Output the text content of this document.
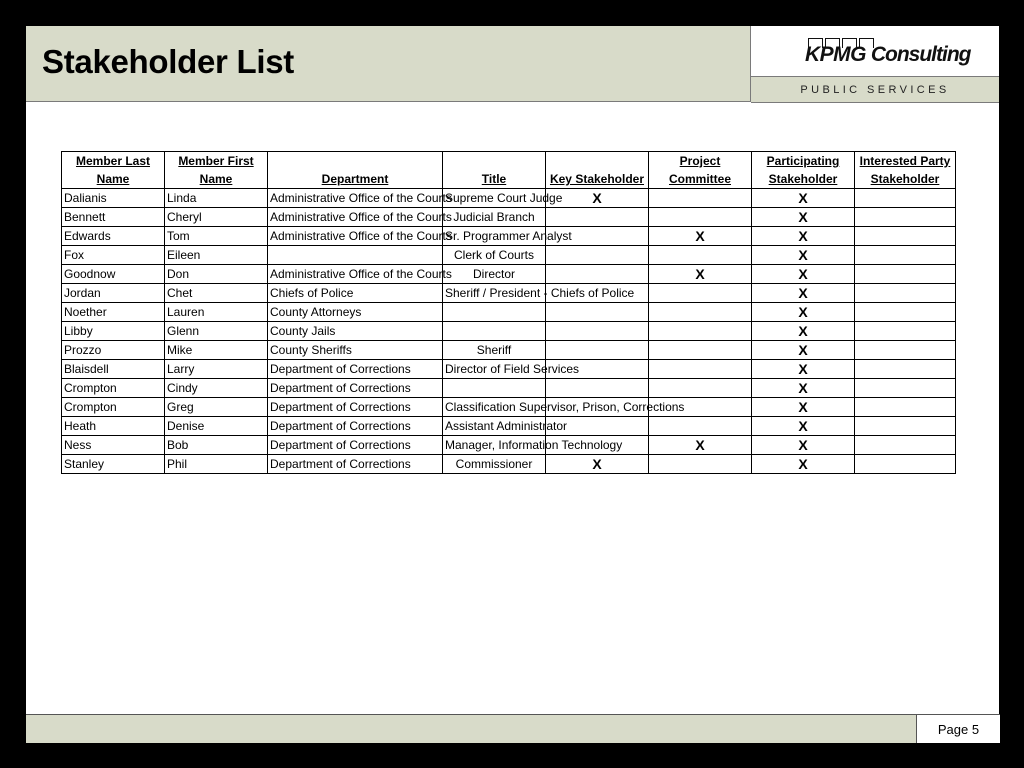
Stakeholder List	KPMG Consulting
PUBLIC SERVICES
Member Last Name	Member First Name	Department	Title	Key Stakeholder	Project Committee	Participating Stakeholder	Interested Party Stakeholder
Dalianis	Linda	Administrative Office of the Courts	Supreme Court Judge	X		X	
Bennett	Cheryl	Administrative Office of the Courts	Judicial Branch			X	
Edwards	Tom	Administrative Office of the Courts	Sr. Programmer Analyst		X	X	
Fox	Eileen		Clerk of Courts			X	
Goodnow	Don	Administrative Office of the Courts	Director		X	X	
Jordan	Chet	Chiefs of Police	Sheriff / President - Chiefs of Police			X	
Noether	Lauren	County Attorneys				X	
Libby	Glenn	County Jails				X	
Prozzo	Mike	County Sheriffs	Sheriff			X	
Blaisdell	Larry	Department of Corrections	Director of Field Services			X	
Crompton	Cindy	Department of Corrections				X	
Crompton	Greg	Department of Corrections	Classification Supervisor, Prison, Corrections			X	
Heath	Denise	Department of Corrections	Assistant Administrator			X	
Ness	Bob	Department of Corrections	Manager, Information Technology		X	X	
Stanley	Phil	Department of Corrections	Commissioner	X		X	
Page 5
